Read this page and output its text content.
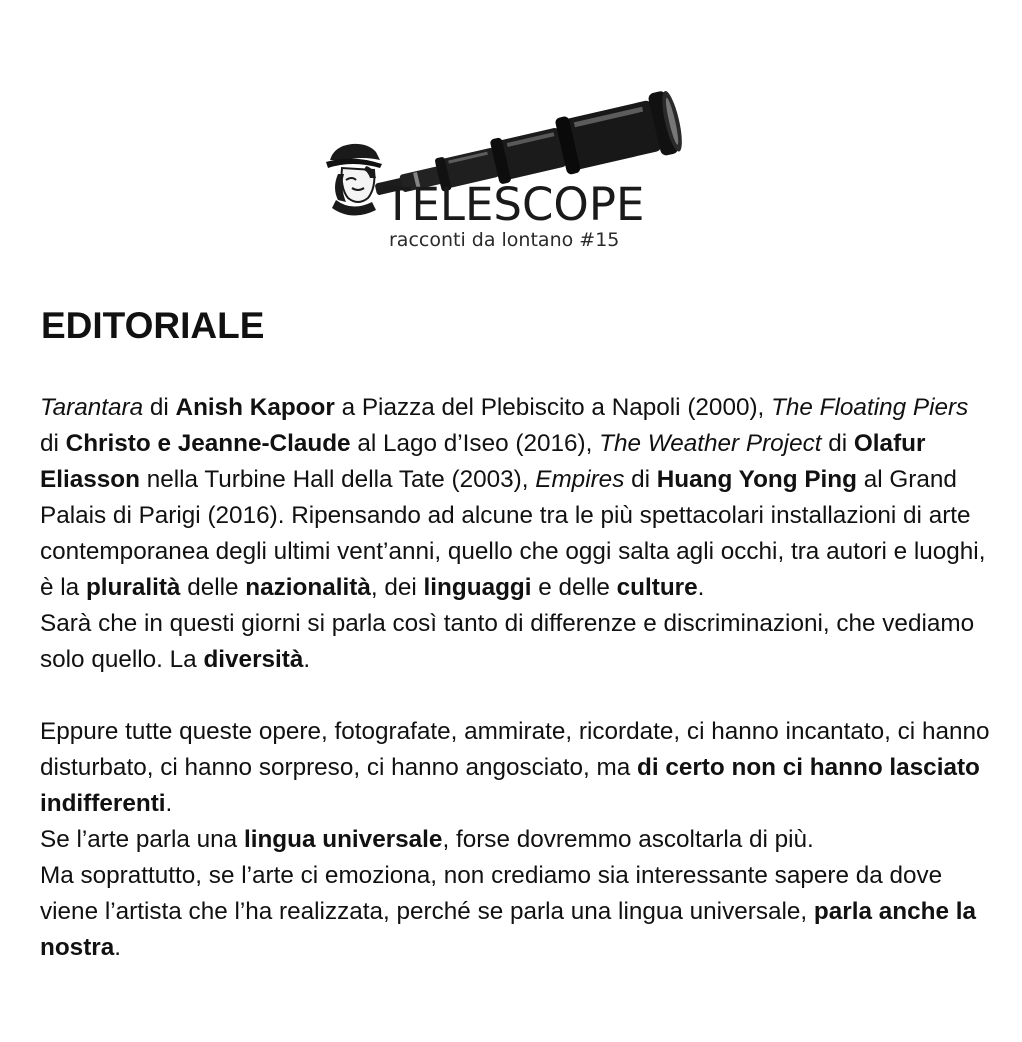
TELESCOPE
racconti da lontano #15
EDITORIALE

Tarantara di Anish Kapoor a Piazza del Plebiscito a Napoli (2000), The Floating Piers di Christo e Jeanne-Claude al Lago d’Iseo (2016), The Weather Project di Olafur Eliasson nella Turbine Hall della Tate (2003), Empires di Huang Yong Ping al Grand Palais di Parigi (2016). Ripensando ad alcune tra le più spettacolari installazioni di arte contemporanea degli ultimi vent’anni, quello che oggi salta agli occhi, tra autori e luoghi, è la pluralità delle nazionalità, dei linguaggi e delle culture.

Sarà che in questi giorni si parla così tanto di differenze e discriminazioni, che vediamo solo quello. La diversità.

Eppure tutte queste opere, fotografate, ammirate, ricordate, ci hanno incantato, ci hanno disturbato, ci hanno sorpreso, ci hanno angosciato, ma di certo non ci hanno lasciato indifferenti.

Se l’arte parla una lingua universale, forse dovremmo ascoltarla di più.

Ma soprattutto, se l’arte ci emoziona, non crediamo sia interessante sapere da dove viene l’artista che l’ha realizzata, perché se parla una lingua universale, parla anche la nostra.
